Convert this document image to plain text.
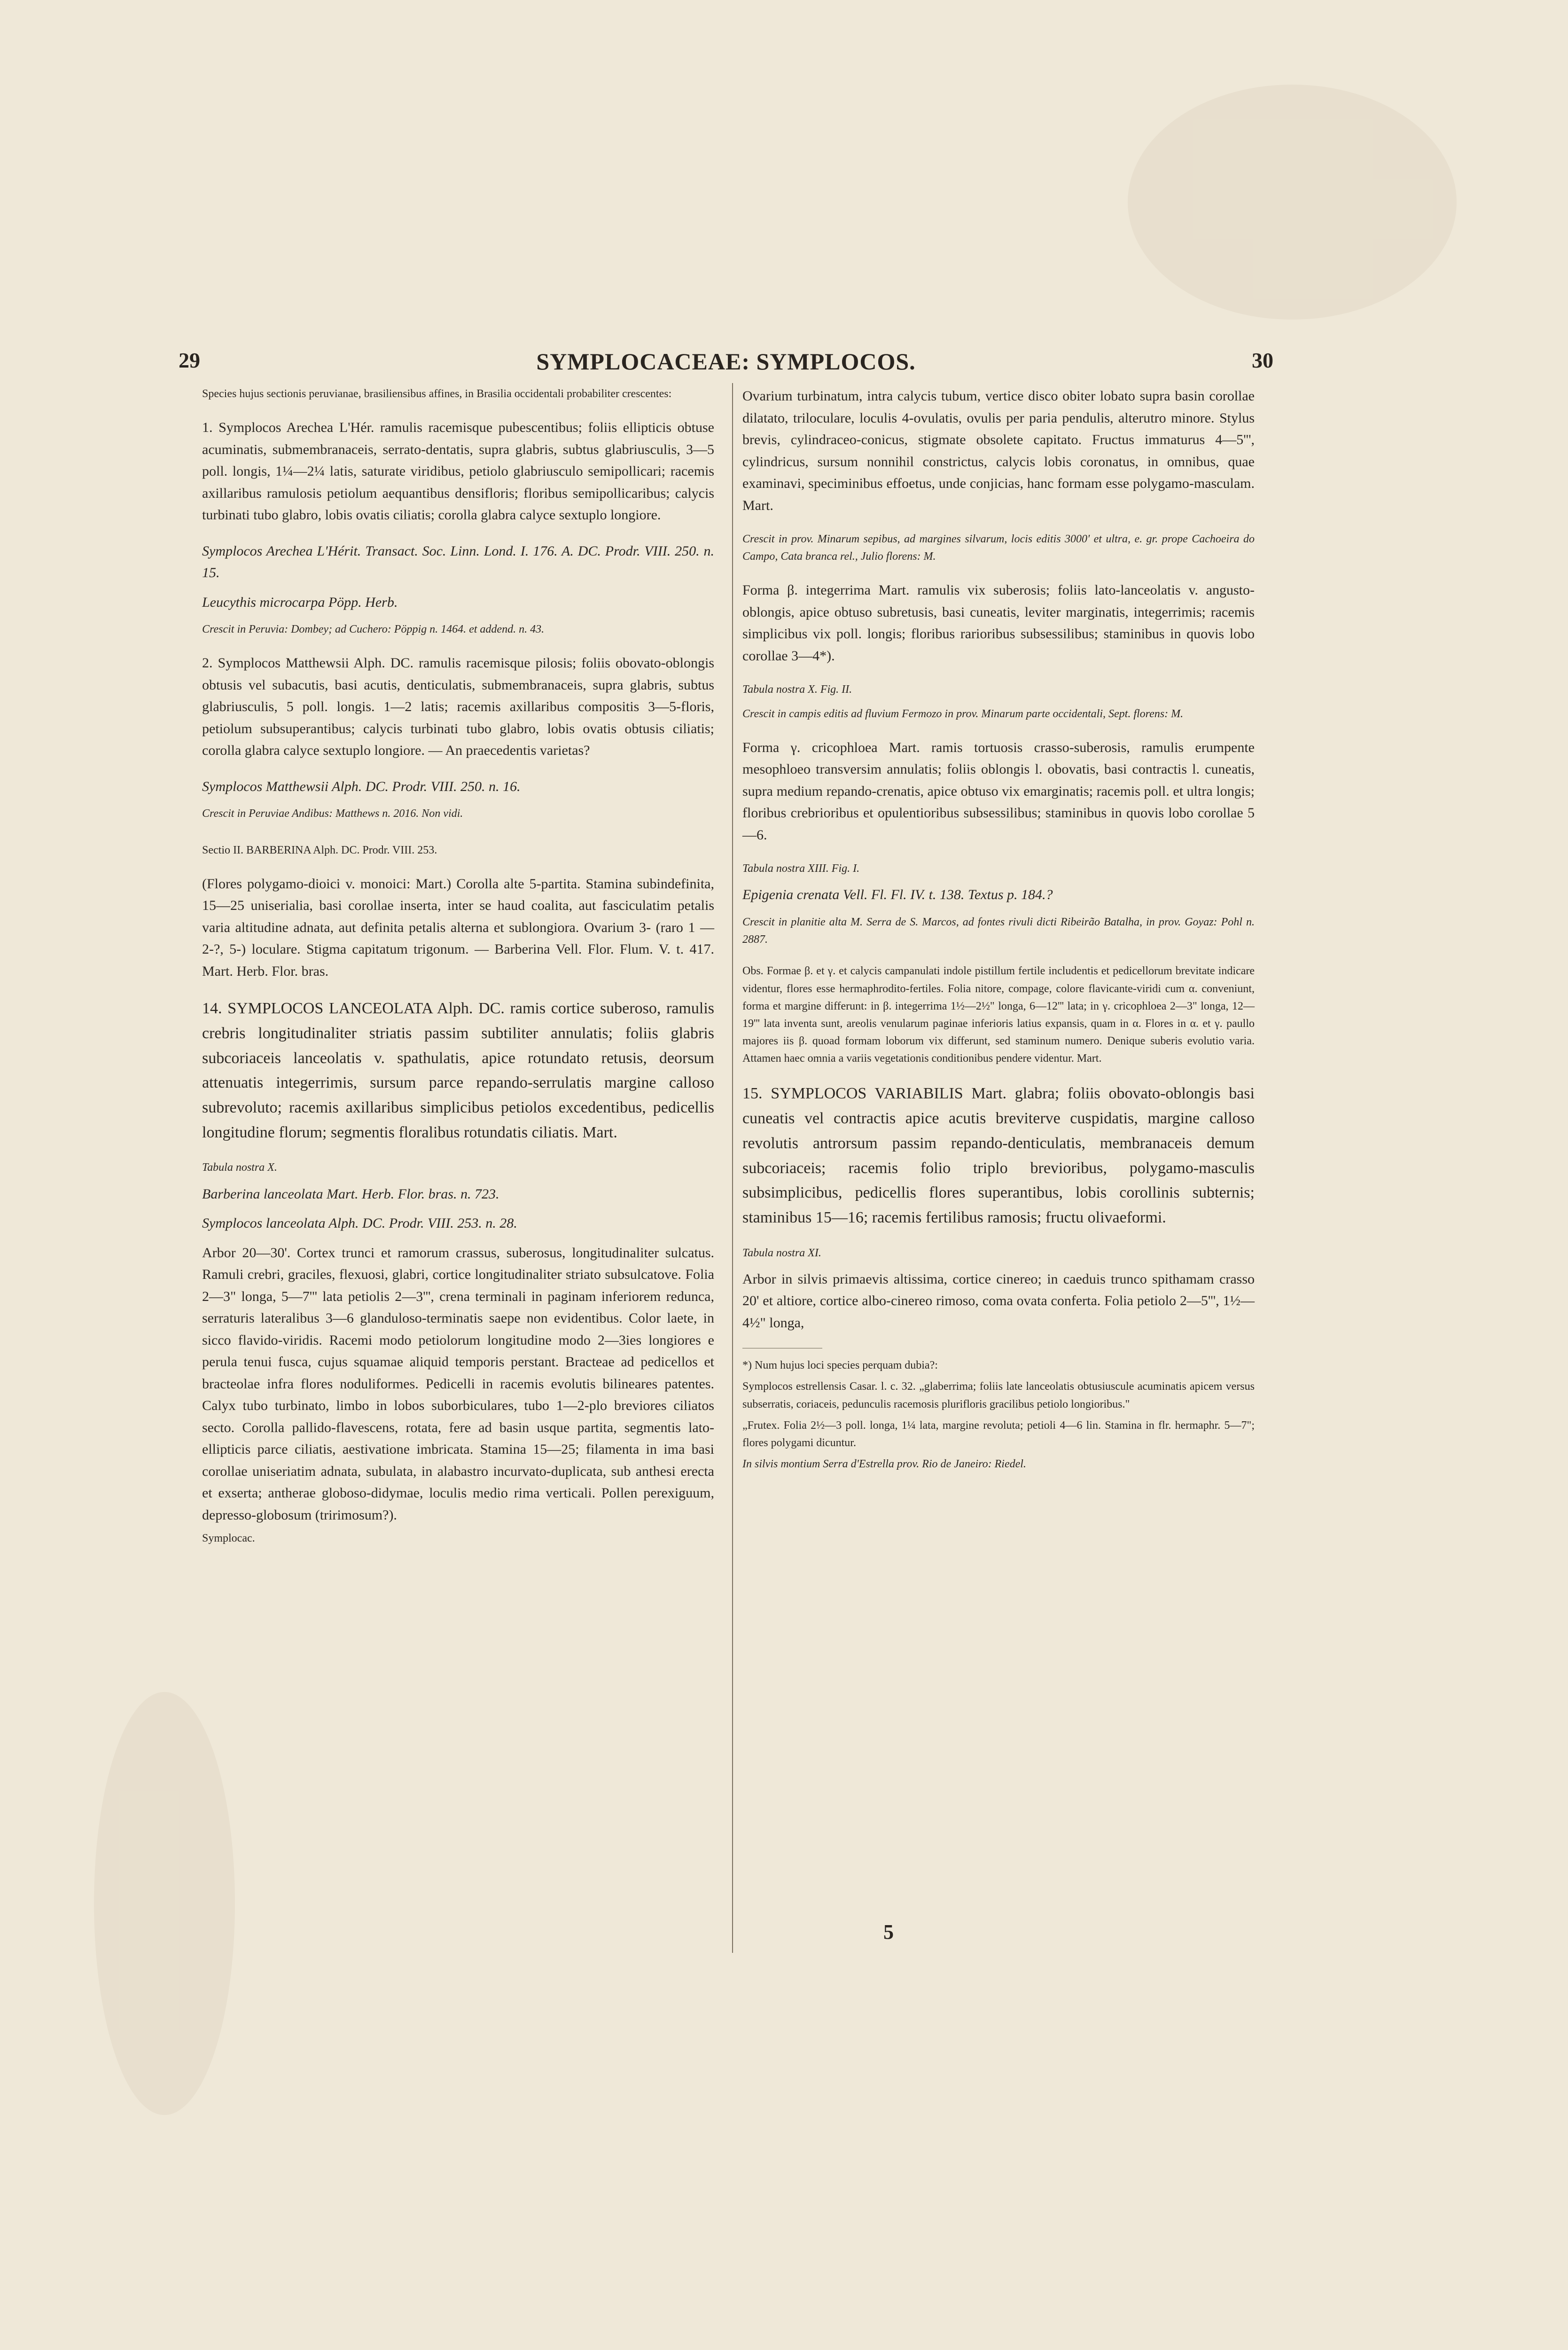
29	SYMPLOCACEAE: SYMPLOCOS.	30

Species hujus sectionis peruvianae, brasiliensibus affines, in Brasilia occidentali probabiliter crescentes:

1. Symplocos Arechea L'Hér. ramulis racemisque pubescentibus; foliis ellipticis obtuse acuminatis, submembranaceis, serrato-dentatis, supra glabris, subtus glabriusculis, 3—5 poll. longis, 1¼—2¼ latis, saturate viridibus, petiolo glabriusculo semipollicari; racemis axillaribus ramulosis petiolum aequantibus densifloris; floribus semipollicaribus; calycis turbinati tubo glabro, lobis ovatis ciliatis; corolla glabra calyce sextuplo longiore.

Symplocos Arechea L'Hérit. Transact. Soc. Linn. Lond. I. 176. A. DC. Prodr. VIII. 250. n. 15.

Leucythis microcarpa Pöpp. Herb.

Crescit in Peruvia: Dombey; ad Cuchero: Pöppig n. 1464. et addend. n. 43.

2. Symplocos Matthewsii Alph. DC. ramulis racemisque pilosis; foliis obovato-oblongis obtusis vel subacutis, basi acutis, denticulatis, submembranaceis, supra glabris, subtus glabriusculis, 5 poll. longis. 1—2 latis; racemis axillaribus compositis 3—5-floris, petiolum subsuperantibus; calycis turbinati tubo glabro, lobis ovatis obtusis ciliatis; corolla glabra calyce sextuplo longiore. — An praecedentis varietas?

Symplocos Matthewsii Alph. DC. Prodr. VIII. 250. n. 16.

Crescit in Peruviae Andibus: Matthews n. 2016. Non vidi.

Sectio II. BARBERINA Alph. DC. Prodr. VIII. 253.

(Flores polygamo-dioici v. monoici: Mart.) Corolla alte 5-partita. Stamina subindefinita, 15—25 uniserialia, basi corollae inserta, inter se haud coalita, aut fasciculatim petalis varia altitudine adnata, aut definita petalis alterna et sublongiora. Ovarium 3- (raro 1 — 2-?, 5-) loculare. Stigma capitatum trigonum. — Barberina Vell. Flor. Flum. V. t. 417. Mart. Herb. Flor. bras.

14. SYMPLOCOS LANCEOLATA Alph. DC. ramis cortice suberoso, ramulis crebris longitudinaliter striatis passim subtiliter annulatis; foliis glabris subcoriaceis lanceolatis v. spathulatis, apice rotundato retusis, deorsum attenuatis integerrimis, sursum parce repando-serrulatis margine calloso subrevoluto; racemis axillaribus simplicibus petiolos excedentibus, pedicellis longitudine florum; segmentis floralibus rotundatis ciliatis. Mart.

Tabula nostra X.

Barberina lanceolata Mart. Herb. Flor. bras. n. 723.

Symplocos lanceolata Alph. DC. Prodr. VIII. 253. n. 28.

Arbor 20—30'. Cortex trunci et ramorum crassus, suberosus, longitudinaliter sulcatus. Ramuli crebri, graciles, flexuosi, glabri, cortice longitudinaliter striato subsulcatove. Folia 2—3" longa, 5—7''' lata petiolis 2—3''', crena terminali in paginam inferiorem redunca, serraturis lateralibus 3—6 glanduloso-terminatis saepe non evidentibus. Color laete, in sicco flavido-viridis. Racemi modo petiolorum longitudine modo 2—3ies longiores e perula tenui fusca, cujus squamae aliquid temporis perstant. Bracteae ad pedicellos et bracteolae infra flores noduliformes. Pedicelli in racemis evolutis bilineares patentes. Calyx tubo turbinato, limbo in lobos suborbiculares, tubo 1—2-plo breviores ciliatos secto. Corolla pallido-flavescens, rotata, fere ad basin usque partita, segmentis lato-ellipticis parce ciliatis, aestivatione imbricata. Stamina 15—25; filamenta in ima basi corollae uniseriatim adnata, subulata, in alabastro incurvato-duplicata, sub anthesi erecta et exserta; antherae globoso-didymae, loculis medio rima verticali. Pollen perexiguum, depresso-globosum (tririmosum?).

Symplocac.

Ovarium turbinatum, intra calycis tubum, vertice disco obiter lobato supra basin corollae dilatato, triloculare, loculis 4-ovulatis, ovulis per paria pendulis, alterutro minore. Stylus brevis, cylindraceo-conicus, stigmate obsolete capitato. Fructus immaturus 4—5''', cylindricus, sursum nonnihil constrictus, calycis lobis coronatus, in omnibus, quae examinavi, speciminibus effoetus, unde conjicias, hanc formam esse polygamo-masculam. Mart.

Crescit in prov. Minarum sepibus, ad margines silvarum, locis editis 3000' et ultra, e. gr. prope Cachoeira do Campo, Cata branca rel., Julio florens: M.

Forma β. integerrima Mart. ramulis vix suberosis; foliis lato-lanceolatis v. angusto-oblongis, apice obtuso subretusis, basi cuneatis, leviter marginatis, integerrimis; racemis simplicibus vix poll. longis; floribus rarioribus subsessilibus; staminibus in quovis lobo corollae 3—4*).

Tabula nostra X. Fig. II.

Crescit in campis editis ad fluvium Fermozo in prov. Minarum parte occidentali, Sept. florens: M.

Forma γ. cricophloea Mart. ramis tortuosis crasso-suberosis, ramulis erumpente mesophloeo transversim annulatis; foliis oblongis l. obovatis, basi contractis l. cuneatis, supra medium repando-crenatis, apice obtuso vix emarginatis; racemis poll. et ultra longis; floribus crebrioribus et opulentioribus subsessilibus; staminibus in quovis lobo corollae 5—6.

Tabula nostra XIII. Fig. I.

Epigenia crenata Vell. Fl. Fl. IV. t. 138. Textus p. 184.?

Crescit in planitie alta M. Serra de S. Marcos, ad fontes rivuli dicti Ribeirão Batalha, in prov. Goyaz: Pohl n. 2887.

Obs. Formae β. et γ. et calycis campanulati indole pistillum fertile includentis et pedicellorum brevitate indicare videntur, flores esse hermaphrodito-fertiles. Folia nitore, compage, colore flavicante-viridi cum α. conveniunt, forma et margine differunt: in β. integerrima 1½—2½" longa, 6—12''' lata; in γ. cricophloea 2—3" longa, 12—19''' lata inventa sunt, areolis venularum paginae inferioris latius expansis, quam in α. Flores in α. et γ. paullo majores iis β. quoad formam loborum vix differunt, sed staminum numero. Denique suberis evolutio varia. Attamen haec omnia a variis vegetationis conditionibus pendere videntur. Mart.

15. SYMPLOCOS VARIABILIS Mart. glabra; foliis obovato-oblongis basi cuneatis vel contractis apice acutis breviterve cuspidatis, margine calloso revolutis antrorsum passim repando-denticulatis, membranaceis demum subcoriaceis; racemis folio triplo brevioribus, polygamo-masculis subsimplicibus, pedicellis flores superantibus, lobis corollinis subternis; staminibus 15—16; racemis fertilibus ramosis; fructu olivaeformi.

Tabula nostra XI.

Arbor in silvis primaevis altissima, cortice cinereo; in caeduis trunco spithamam crasso 20' et altiore, cortice albo-cinereo rimoso, coma ovata conferta. Folia petiolo 2—5''', 1½—4½" longa,

*) Num hujus loci species perquam dubia?:

Symplocos estrellensis Casar. l. c. 32. „glaberrima; foliis late lanceolatis obtusiuscule acuminatis apicem versus subserratis, coriaceis, pedunculis racemosis plurifloris gracilibus petiolo longioribus."

„Frutex. Folia 2½—3 poll. longa, 1¼ lata, margine revoluta; petioli 4—6 lin. Stamina in flr. hermaphr. 5—7"; flores polygami dicuntur.

In silvis montium Serra d'Estrella prov. Rio de Janeiro: Riedel.

5
